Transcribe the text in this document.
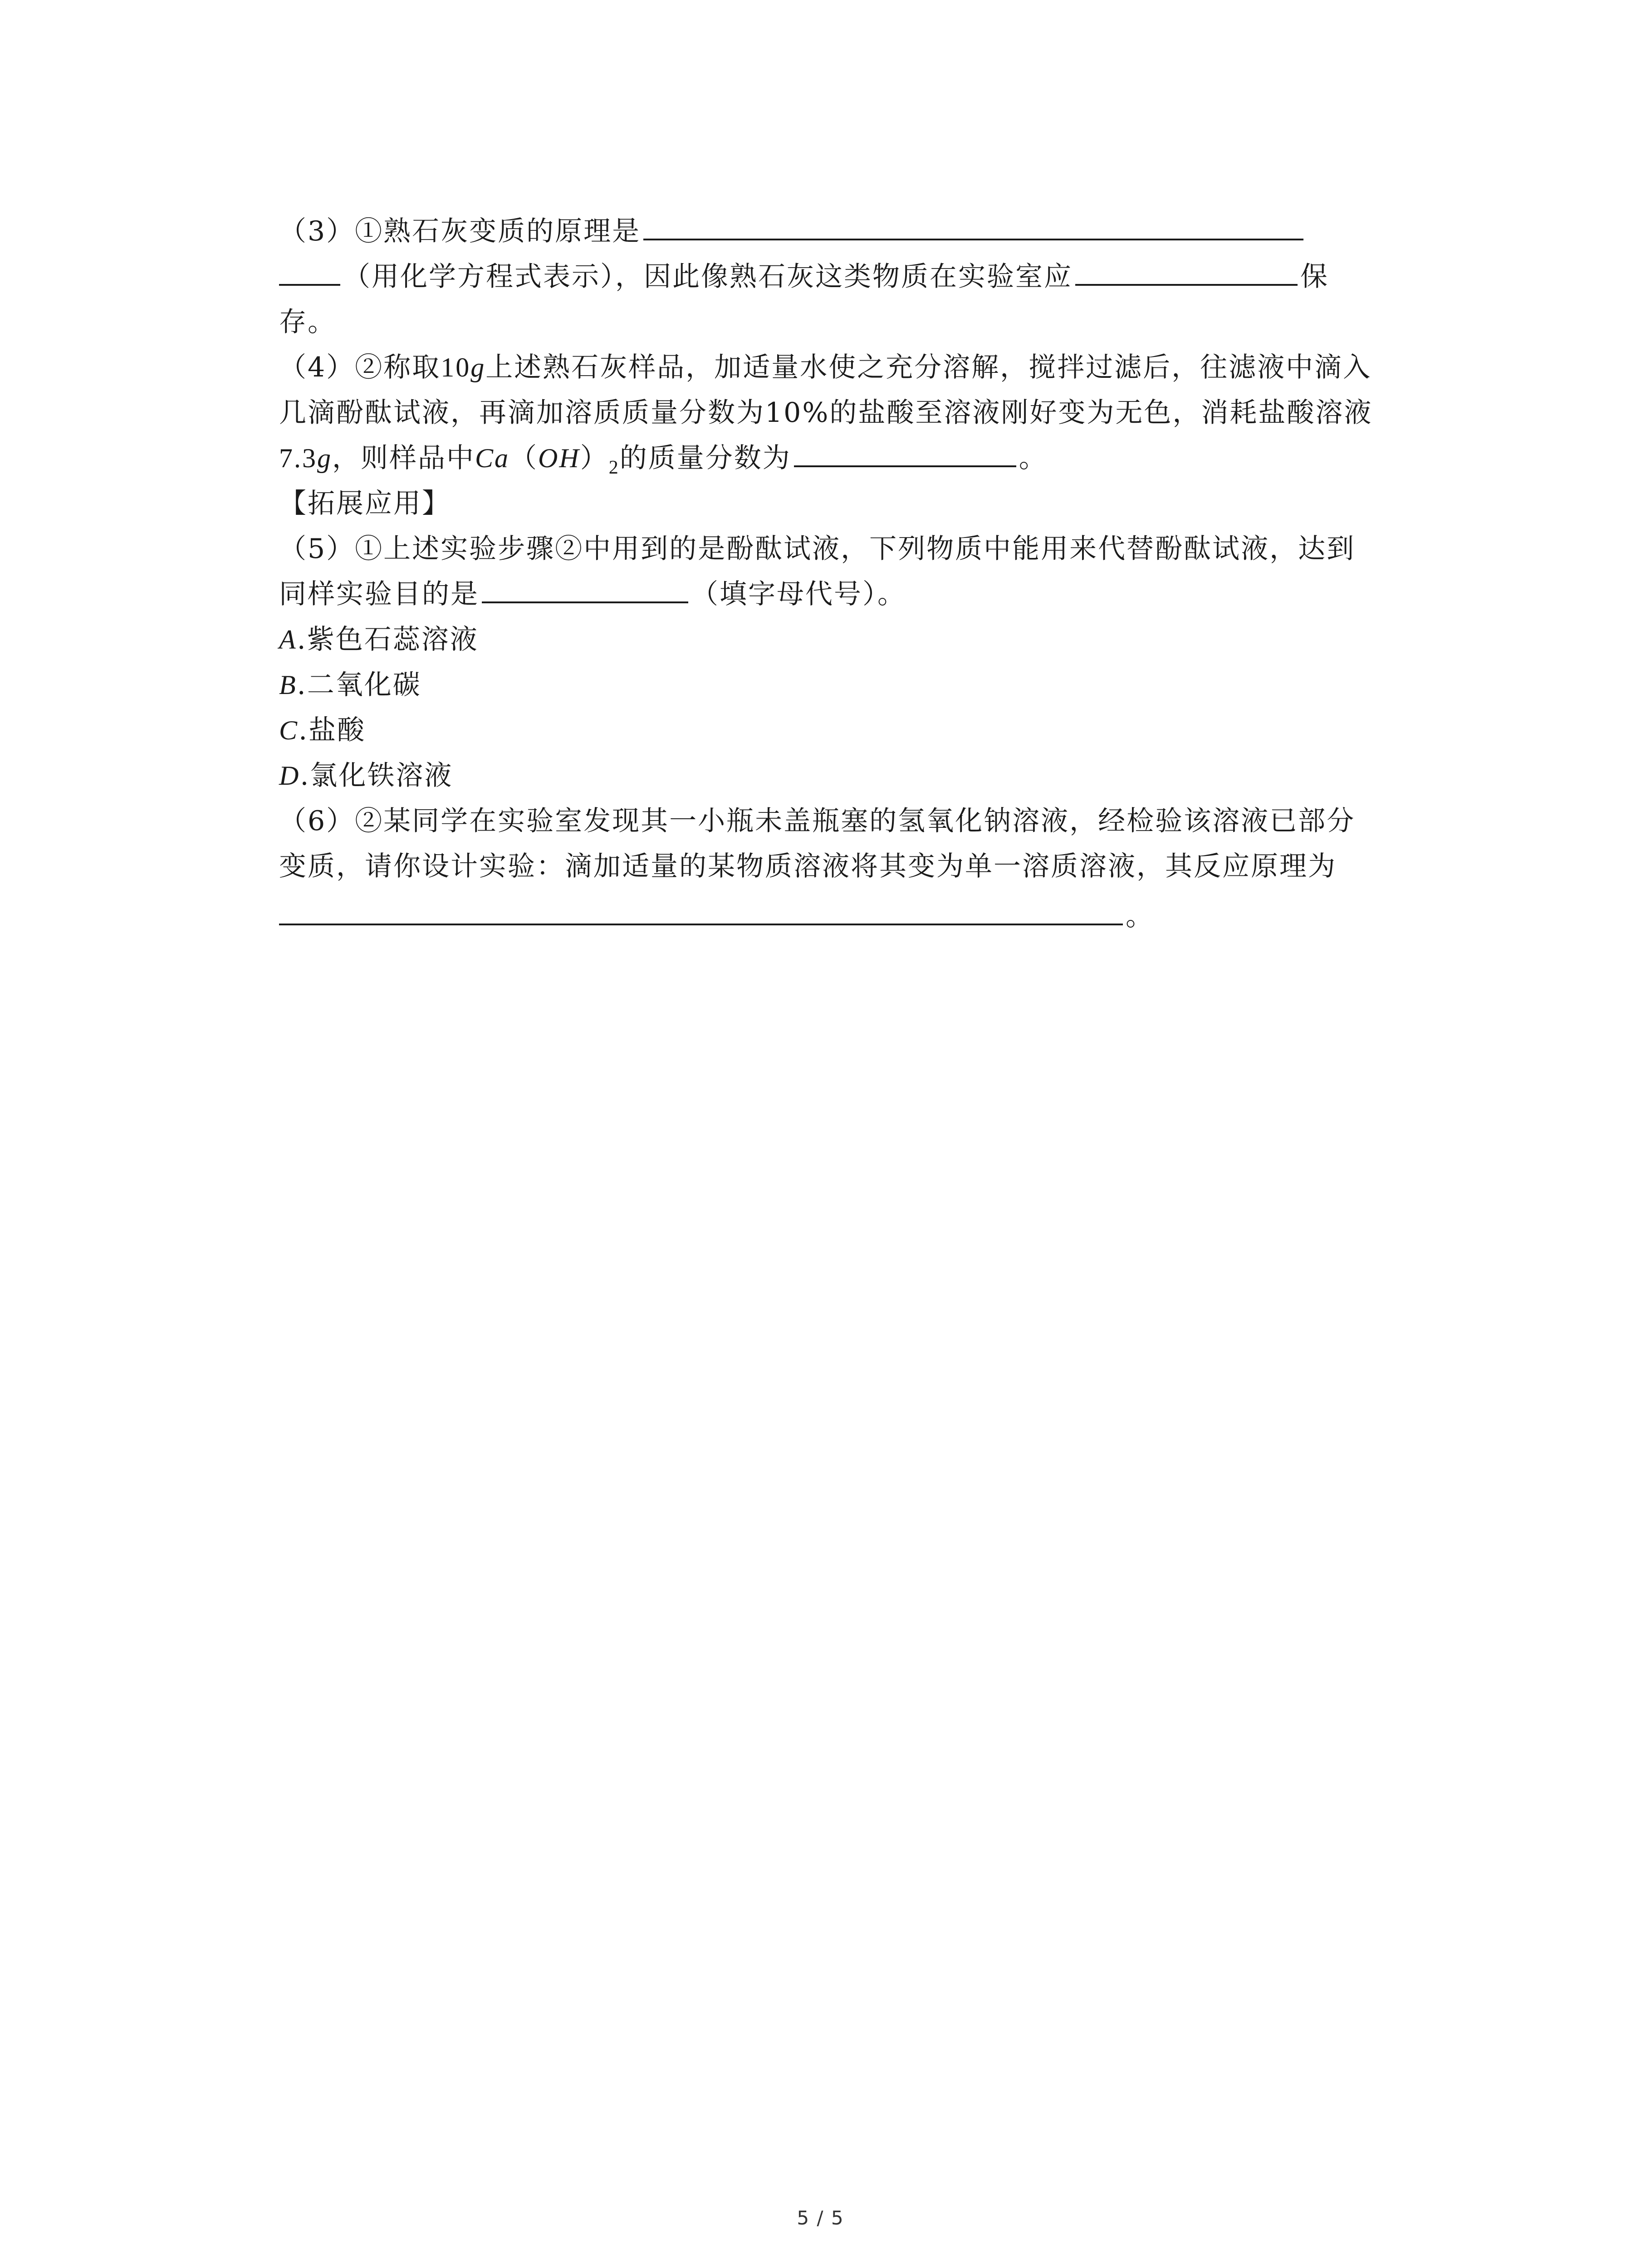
（3）①熟石灰变质的原理是
（用化学方程式表示），因此像熟石灰这类物质在实验室应	保
存。
（4）②称取10g上述熟石灰样品，加适量水使之充分溶解，搅拌过滤后，往滤液中滴入
几滴酚酞试液，再滴加溶质质量分数为10%的盐酸至溶液刚好变为无色，消耗盐酸溶液
7.3g，则样品中$Ca(OH)_2$的质量分数为	。
【拓展应用】
（5）①上述实验步骤②中用到的是酚酞试液，下列物质中能用来代替酚酞试液，达到
同样实验目的是	（填字母代号）。
A.紫色石蕊溶液
B.二氧化碳
C.盐酸
D.氯化铁溶液
（6）②某同学在实验室发现其一小瓶未盖瓶塞的氢氧化钠溶液，经检验该溶液已部分
变质，请你设计实验：滴加适量的某物质溶液将其变为单一溶质溶液，其反应原理为
。
5 / 5
